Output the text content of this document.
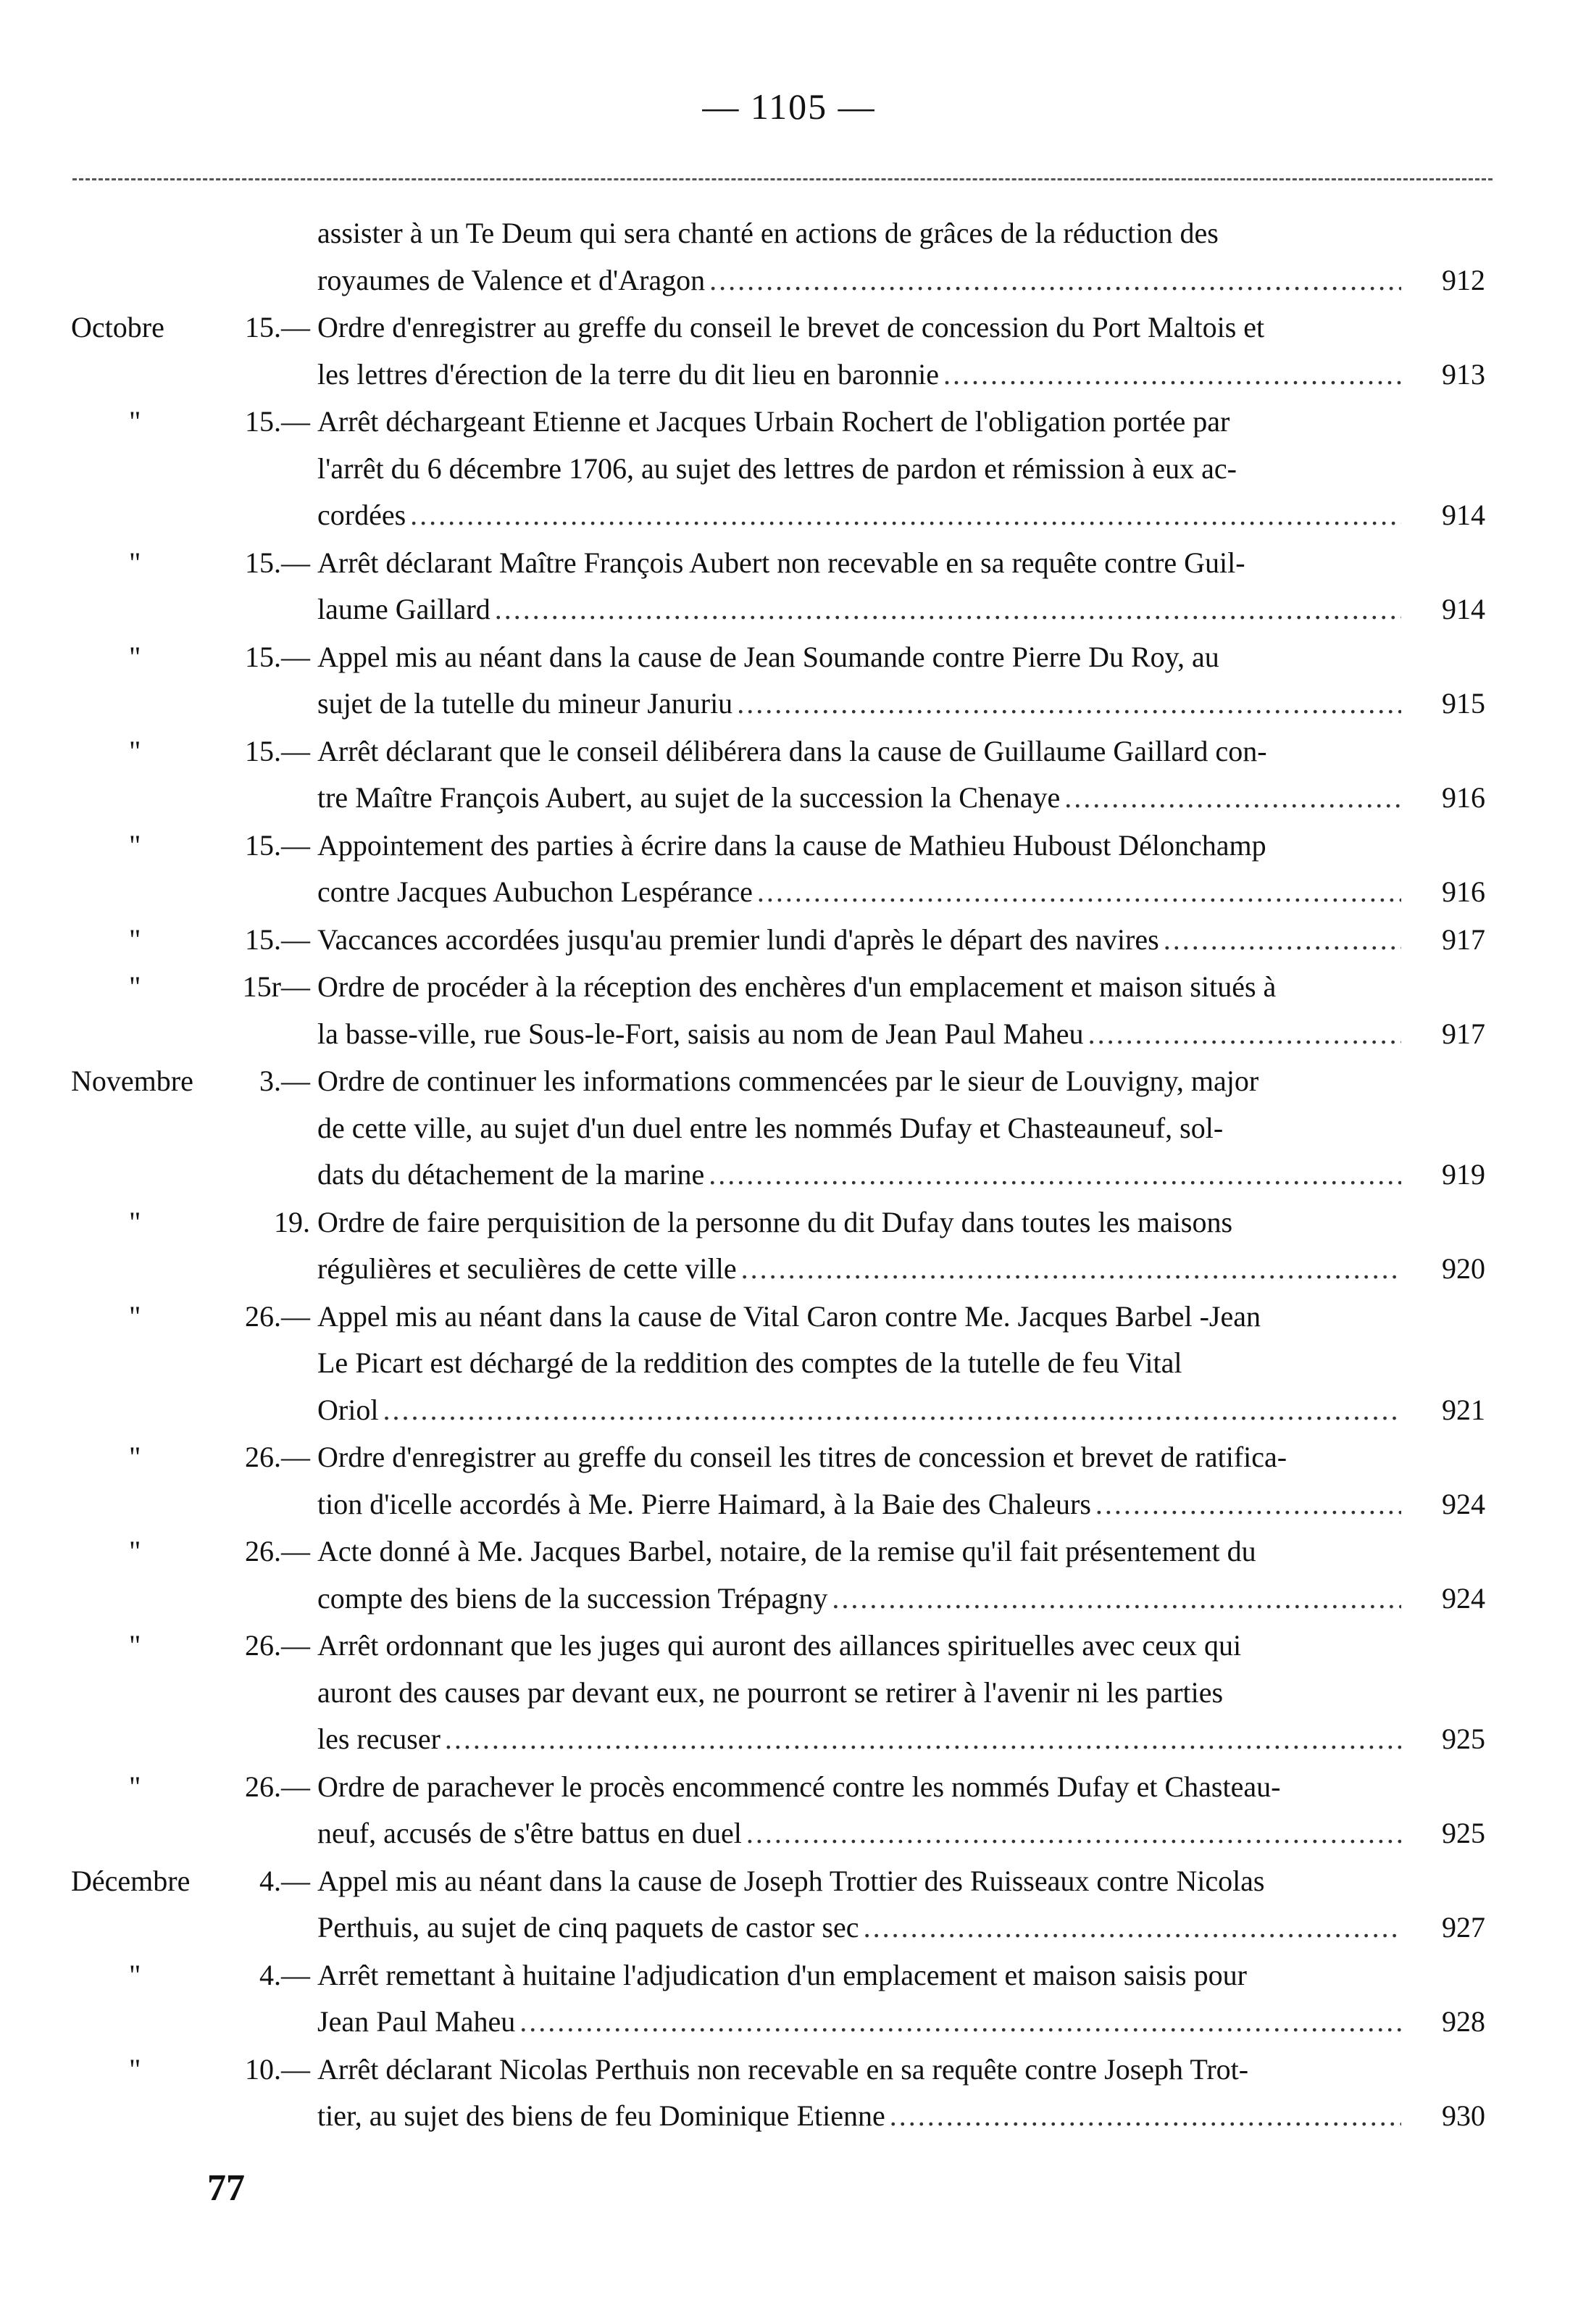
— 1105 —
assister à un Te Deum qui sera chanté en actions de grâces de la réduction des
royaumes de Valence et d'Aragon .....	912
Octobre	15.— Ordre d'enregistrer au greffe du conseil le brevet de concession du Port Maltois et
les lettres d'érection de la terre du dit lieu en baronnie .....	913
"	15.— Arrêt déchargeant Etienne et Jacques Urbain Rochert de l'obligation portée par
l'arrêt du 6 décembre 1706, au sujet des lettres de pardon et rémission à eux ac-
cordées .....	914
"	15.— Arrêt déclarant Maître François Aubert non recevable en sa requête contre Guil-
laume Gaillard .....	914
"	15.— Appel mis au néant dans la cause de Jean Soumande contre Pierre Du Roy, au
sujet de la tutelle du mineur Januriu .....	915
"	15.— Arrêt déclarant que le conseil délibérera dans la cause de Guillaume Gaillard con-
tre Maître François Aubert, au sujet de la succession la Chenaye .....	916
"	15.— Appointement des parties à écrire dans la cause de Mathieu Huboust Délonchamp
contre Jacques Aubuchon Lespérance .....	916
"	15.— Vaccances accordées jusqu'au premier lundi d'après le départ des navires .....	917
"	15r— Ordre de procéder à la réception des enchères d'un emplacement et maison situés à
la basse-ville, rue Sous-le-Fort, saisis au nom de Jean Paul Maheu .....	917
Novembre 3.— Ordre de continuer les informations commencées par le sieur de Louvigny, major
de cette ville, au sujet d'un duel entre les nommés Dufay et Chasteauneuf, sol-
dats du détachement de la marine .....	919
"	19. Ordre de faire perquisition de la personne du dit Dufay dans toutes les maisons
régulières et seculières de cette ville .....	920
"	26.— Appel mis au néant dans la cause de Vital Caron contre Me. Jacques Barbel -Jean
Le Picart est déchargé de la reddition des comptes de la tutelle de feu Vital
Oriol .....	921
"	26.— Ordre d'enregistrer au greffe du conseil les titres de concession et brevet de ratifica-
tion d'icelle accordés à Me. Pierre Haimard, à la Baie des Chaleurs .....	924
"	26.— Acte donné à Me. Jacques Barbel, notaire, de la remise qu'il fait présentement du
compte des biens de la succession Trépagny .....	924
"	26.— Arrêt ordonnant que les juges qui auront des aillances spirituelles avec ceux qui
auront des causes par devant eux, ne pourront se retirer à l'avenir ni les parties
les recuser .....	925
"	26.— Ordre de parachever le procès encommencé contre les nommés Dufay et Chasteau-
neuf, accusés de s'être battus en duel .....	925
Décembre 4.— Appel mis au néant dans la cause de Joseph Trottier des Ruisseaux contre Nicolas
Perthuis, au sujet de cinq paquets de castor sec .....	927
"	4.— Arrêt remettant à huitaine l'adjudication d'un emplacement et maison saisis pour
Jean Paul Maheu .....	928
"	10.— Arrêt déclarant Nicolas Perthuis non recevable en sa requête contre Joseph Trot-
tier, au sujet des biens de feu Dominique Etienne .....	930
77
